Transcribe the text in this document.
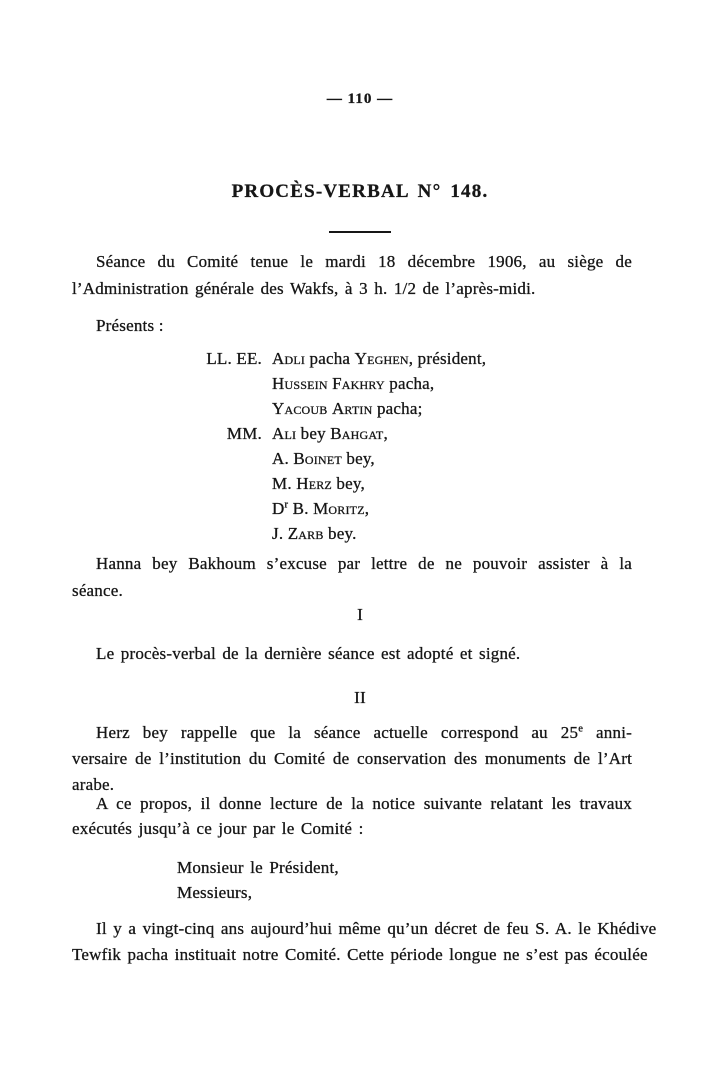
— 110 —
PROCÈS-VERBAL N° 148.
Séance du Comité tenue le mardi 18 décembre 1906, au siège de
l’Administration générale des Wakfs, à 3 h. 1/2 de l’après-midi.
Présents :
LL. EE. Adli pacha Yeghen, président,
Hussein Fakhry pacha,
Yacoub Artin pacha;
MM. Ali bey Bahgat,
A. Boinet bey,
M. Herz bey,
$D^r$ B. Moritz,
J. Zarb bey.
Hanna bey Bakhoum s’excuse par lettre de ne pouvoir assister à la
séance.
I
Le procès-verbal de la dernière séance est adopté et signé.
II
Herz bey rappelle que la séance actuelle correspond au 25e anni-
versaire de l’institution du Comité de conservation des monuments de l’Art
arabe.
A ce propos, il donne lecture de la notice suivante relatant les travaux
exécutés jusqu’à ce jour par le Comité :
Monsieur le Président,
Messieurs,
Il y a vingt-cinq ans aujourd’hui même qu’un décret de feu S. A. le Khédive
Tewfik pacha instituait notre Comité. Cette période longue ne s’est pas écoulée
